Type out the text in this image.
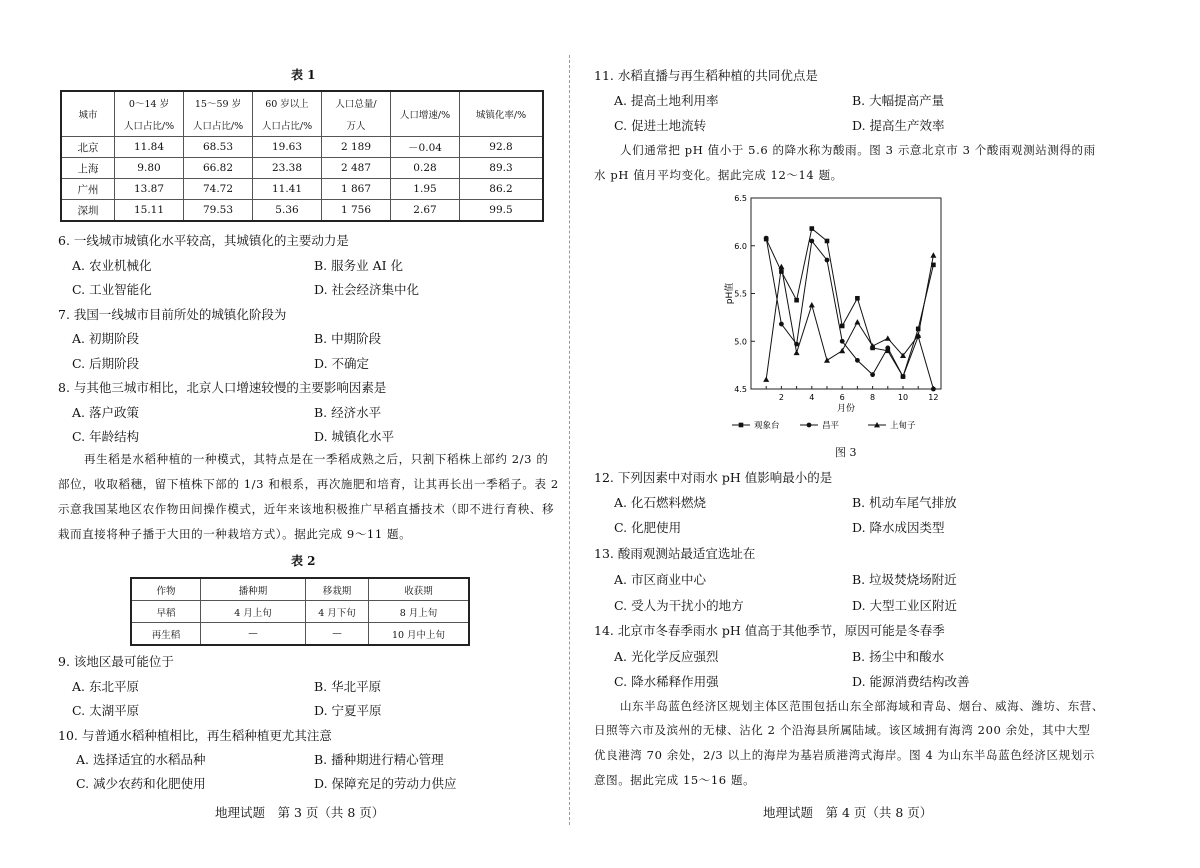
表 1
城市	0～14 岁	15～59 岁	60 岁以上	人口总量/	人口增速/%	城镇化率/%
	人口占比/%	人口占比/%	人口占比/%	万人		
北京	11.84	68.53	19.63	2 189	－0.04	92.8
上海	9.80	66.82	23.38	2 487	0.28	89.3
广州	13.87	74.72	11.41	1 867	1.95	86.2
深圳	15.11	79.53	5.36	1 756	2.67	99.5
6. 一线城市城镇化水平较高，其城镇化的主要动力是
A. 农业机械化	B. 服务业 AI 化
C. 工业智能化	D. 社会经济集中化
7. 我国一线城市目前所处的城镇化阶段为
A. 初期阶段	B. 中期阶段
C. 后期阶段	D. 不确定
8. 与其他三城市相比，北京人口增速较慢的主要影响因素是
A. 落户政策	B. 经济水平
C. 年龄结构	D. 城镇化水平
再生稻是水稻种植的一种模式，其特点是在一季稻成熟之后，只割下稻株上部约 2/3 的
部位，收取稻穗，留下植株下部的 1/3 和根系，再次施肥和培育，让其再长出一季稻子。表 2
示意我国某地区农作物田间操作模式，近年来该地积极推广早稻直播技术（即不进行育秧、移
栽而直接将种子播于大田的一种栽培方式）。据此完成 9～11 题。
表 2
作物	播种期	移栽期	收获期
早稻	4 月上旬	4 月下旬	8 月上旬
再生稻	—	—	10 月中上旬
9. 该地区最可能位于
A. 东北平原	B. 华北平原
C. 太湖平原	D. 宁夏平原
10. 与普通水稻种植相比，再生稻种植更尤其注意
A. 选择适宜的水稻品种	B. 播种期进行精心管理
C. 减少农药和化肥使用	D. 保障充足的劳动力供应
地理试题　第 3 页（共 8 页）
11. 水稻直播与再生稻种植的共同优点是
A. 提高土地利用率	B. 大幅提高产量
C. 促进土地流转	D. 提高生产效率
人们通常把 pH 值小于 5.6 的降水称为酸雨。图 3 示意北京市 3 个酸雨观测站测得的雨
水 pH 值月平均变化。据此完成 12～14 题。
4.5
5.0
5.5
6.0
6.5
2	4	6	8	10	12
pH值
月份
观象台	昌平	上甸子
图 3
12. 下列因素中对雨水 pH 值影响最小的是
A. 化石燃料燃烧	B. 机动车尾气排放
C. 化肥使用	D. 降水成因类型
13. 酸雨观测站最适宜选址在
A. 市区商业中心	B. 垃圾焚烧场附近
C. 受人为干扰小的地方	D. 大型工业区附近
14. 北京市冬春季雨水 pH 值高于其他季节，原因可能是冬春季
A. 光化学反应强烈	B. 扬尘中和酸水
C. 降水稀释作用强	D. 能源消费结构改善
山东半岛蓝色经济区规划主体区范围包括山东全部海域和青岛、烟台、威海、潍坊、东营、
日照等六市及滨州的无棣、沾化 2 个沿海县所属陆域。该区域拥有海湾 200 余处，其中大型
优良港湾 70 余处，2/3 以上的海岸为基岩质港湾式海岸。图 4 为山东半岛蓝色经济区规划示
意图。据此完成 15～16 题。
地理试题　第 4 页（共 8 页）
